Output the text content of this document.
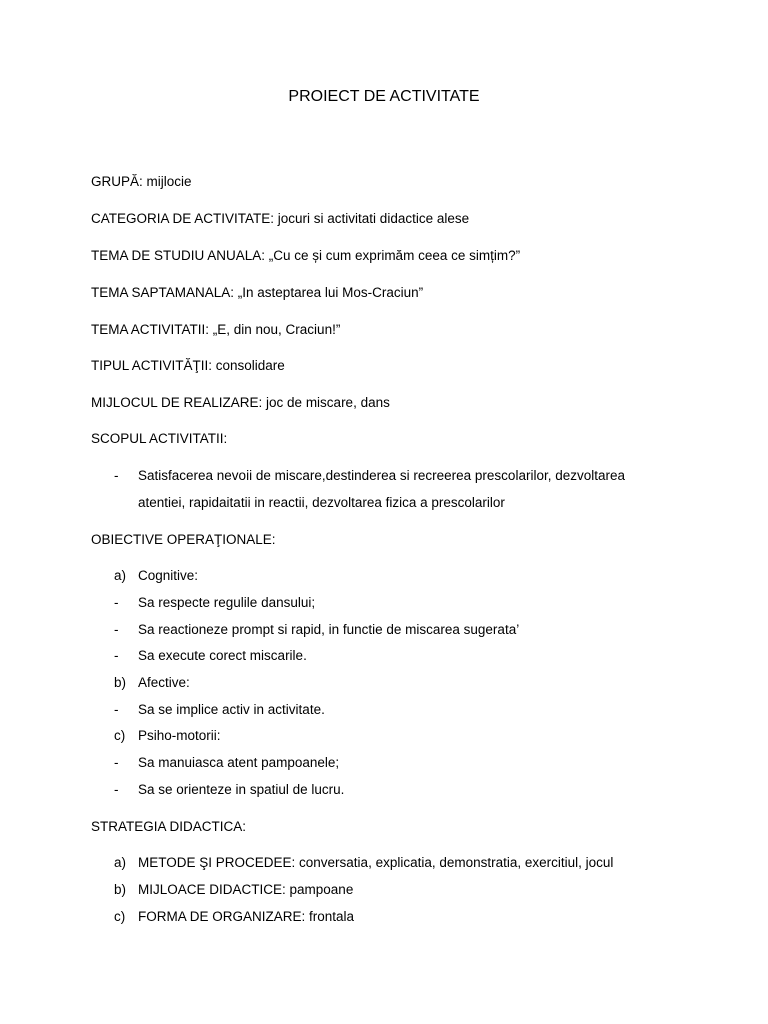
PROIECT DE ACTIVITATE
GRUPĂ: mijlocie
CATEGORIA DE ACTIVITATE: jocuri si activitati didactice alese
TEMA DE STUDIU ANUALA: „Cu ce și cum exprimăm ceea ce simțim?”
TEMA SAPTAMANALA: „In asteptarea lui Mos-Craciun”
TEMA ACTIVITATII: „E, din nou, Craciun!”
TIPUL ACTIVITĂŢII: consolidare
MIJLOCUL DE REALIZARE: joc de miscare, dans
SCOPUL ACTIVITATII:
- Satisfacerea nevoii de miscare,destinderea si recreerea prescolarilor, dezvoltarea
atentiei, rapidaitatii in reactii, dezvoltarea fizica a prescolarilor
OBIECTIVE OPERAŢIONALE:
a) Cognitive:
- Sa respecte regulile dansului;
- Sa reactioneze prompt si rapid, in functie de miscarea sugerata’
- Sa execute corect miscarile.
b) Afective:
- Sa se implice activ in activitate.
c) Psiho-motorii:
- Sa manuiasca atent pampoanele;
- Sa se orienteze in spatiul de lucru.
STRATEGIA DIDACTICA:
a) METODE ŞI PROCEDEE: conversatia, explicatia, demonstratia, exercitiul, jocul
b) MIJLOACE DIDACTICE: pampoane
c) FORMA DE ORGANIZARE: frontala
